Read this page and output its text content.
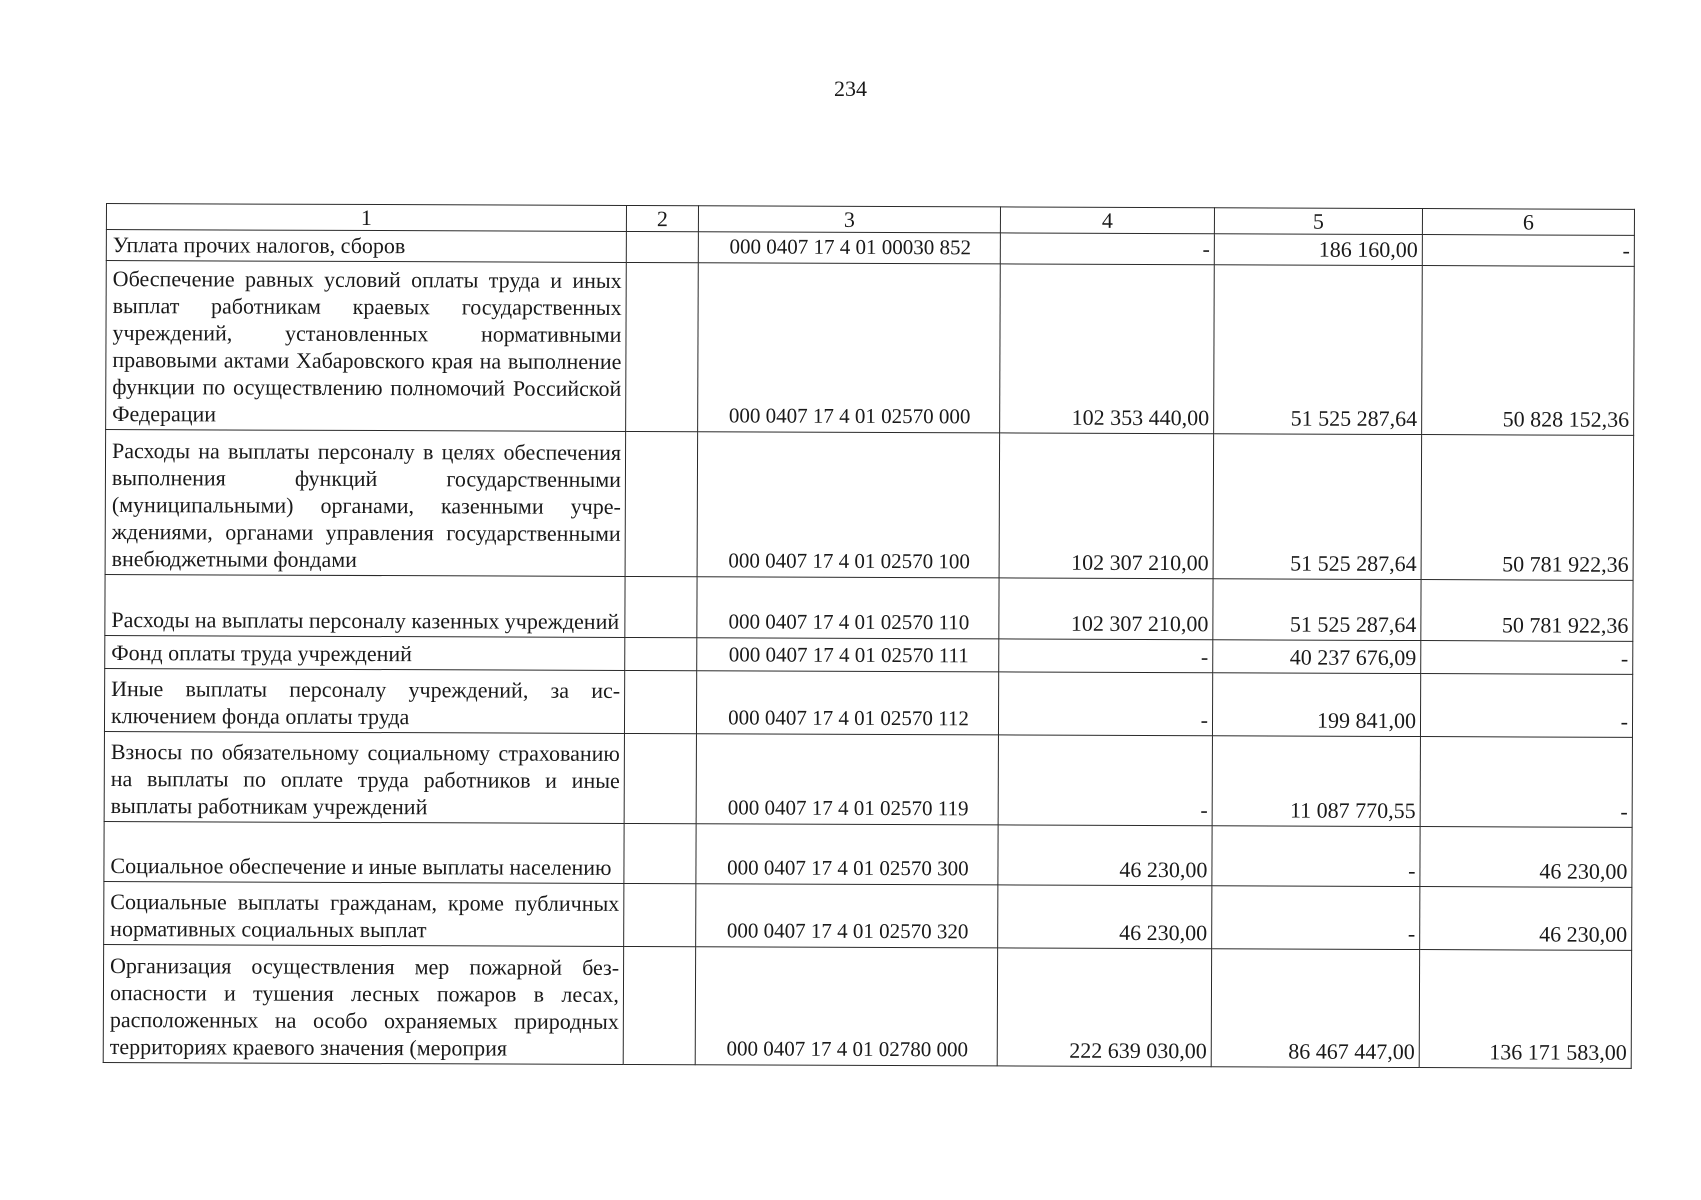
234
1	2	3	4	5	6
Уплата прочих налогов, сборов		000 0407 17 4 01 00030 852	-	186 160,00	-
Обеспечение равных условий оплаты труда и иных выплат работникам краевых государственных учреждений, установленных нормативными правовыми актами Хабаровского края на выполнение функции по осуществлению полномочий Российской Федерации		000 0407 17 4 01 02570 000	102 353 440,00	51 525 287,64	50 828 152,36
Расходы на выплаты персоналу в целях обеспечения выполнения функций государственными (муниципальными) органами, казенными учреждениями, органами управления государственными внебюджетными фондами		000 0407 17 4 01 02570 100	102 307 210,00	51 525 287,64	50 781 922,36
Расходы на выплаты персоналу казенных учреждений		000 0407 17 4 01 02570 110	102 307 210,00	51 525 287,64	50 781 922,36
Фонд оплаты труда учреждений		000 0407 17 4 01 02570 111	-	40 237 676,09	-
Иные выплаты персоналу учреждений, за исключением фонда оплаты труда		000 0407 17 4 01 02570 112	-	199 841,00	-
Взносы по обязательному социальному страхованию на выплаты по оплате труда работников и иные выплаты работникам учреждений		000 0407 17 4 01 02570 119	-	11 087 770,55	-
Социальное обеспечение и иные выплаты населению		000 0407 17 4 01 02570 300	46 230,00	-	46 230,00
Социальные выплаты гражданам, кроме публичных нормативных социальных выплат		000 0407 17 4 01 02570 320	46 230,00	-	46 230,00
Организация осуществления мер пожарной безопасности и тушения лесных пожаров в лесах, расположенных на особо охраняемых природных территориях краевого значения (мероприя		000 0407 17 4 01 02780 000	222 639 030,00	86 467 447,00	136 171 583,00
